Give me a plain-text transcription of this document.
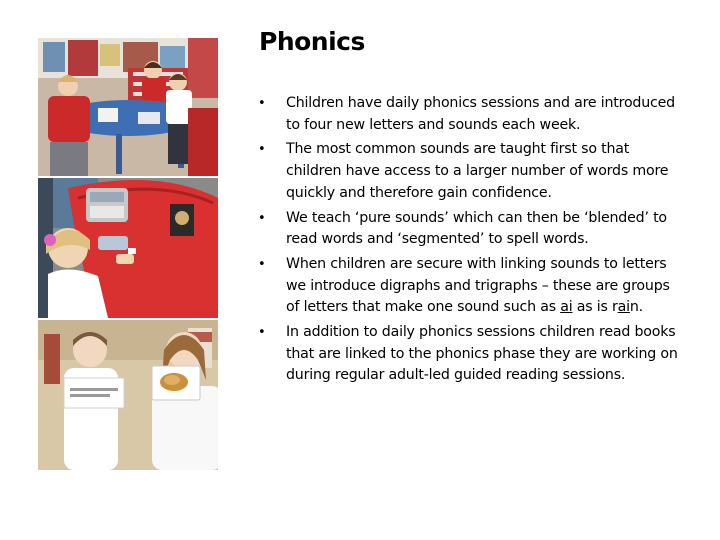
Phonics
• Children have daily phonics sessions and are introduced to four new letters and sounds each week.
• The most common sounds are taught first so that children have access to a larger number of words more quickly and therefore gain confidence.
• We teach ‘pure sounds’ which can then be ‘blended’ to read words and ‘segmented’ to spell words.
• When children are secure with linking sounds to letters we introduce digraphs and trigraphs – these are groups of letters that make one sound such as ai as is rain.
• In addition to daily phonics sessions children read books that are linked to the phonics phase they are working on during regular adult-led guided reading sessions.
